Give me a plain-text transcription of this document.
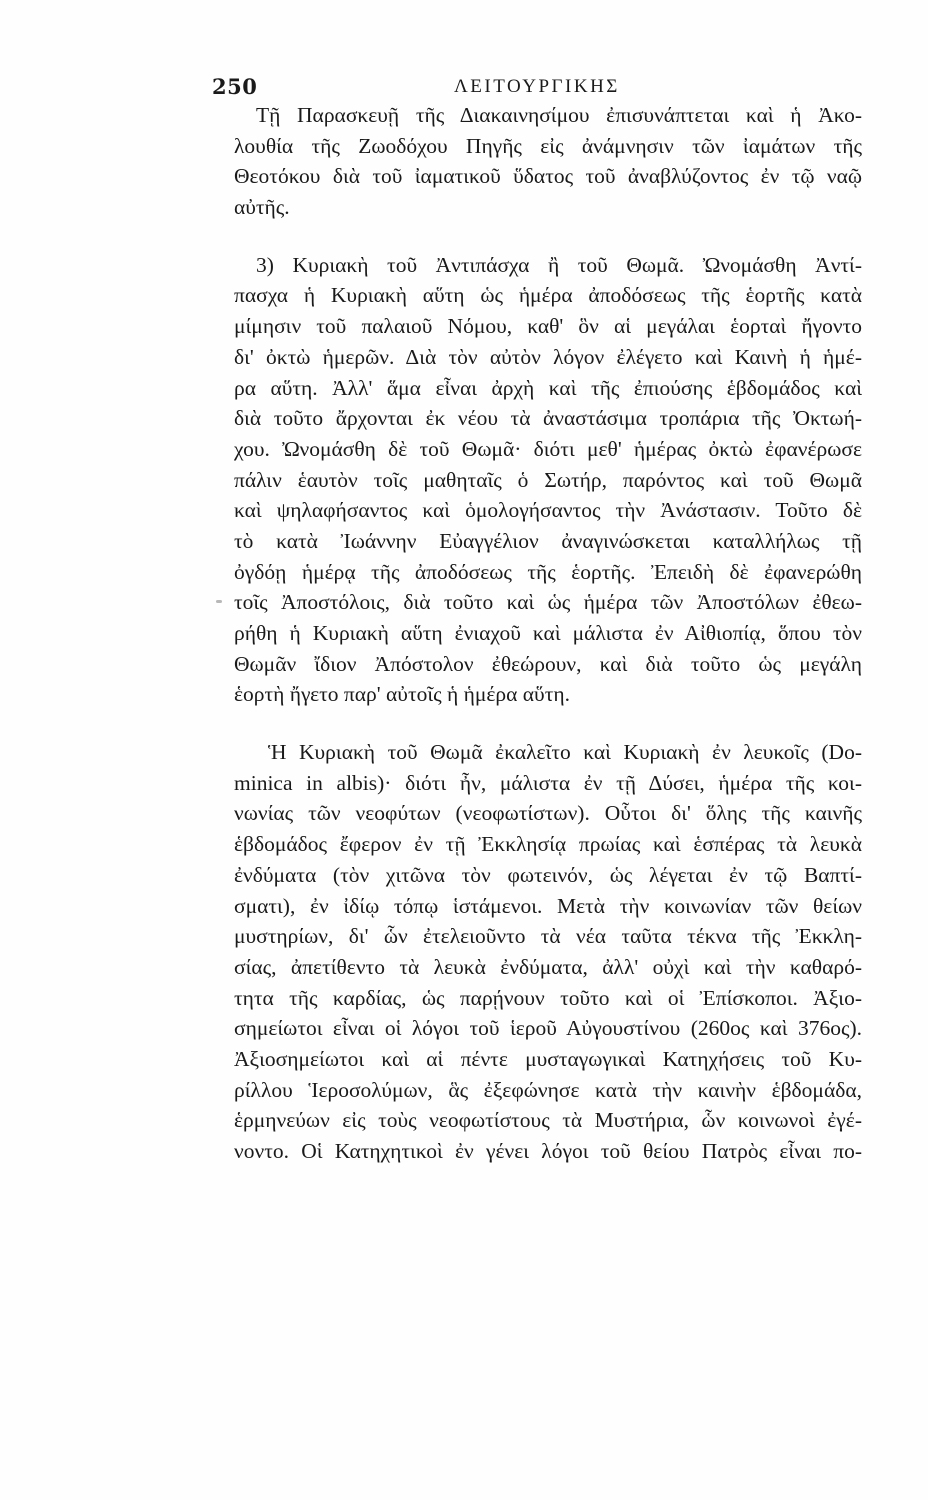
250	ΛΕΙΤΟΥΡΓΙΚΗΣ
Τῇ Παρασκευῇ τῆς Διακαινησίμου ἐπισυνάπτεται καὶ ἡ Ἀκο-
λουθία τῆς Ζωοδόχου Πηγῆς εἰς ἀνάμνησιν τῶν ἰαμάτων τῆς
Θεοτόκου διὰ τοῦ ἰαματικοῦ ὕδατος τοῦ ἀναβλύζοντος ἐν τῷ ναῷ
αὐτῆς.
3) Κυριακὴ τοῦ Ἀντιπάσχα ἢ τοῦ Θωμᾶ. Ὠνομάσθη Ἀντί-
πασχα ἡ Κυριακὴ αὕτη ὡς ἡμέρα ἀποδόσεως τῆς ἑορτῆς κατὰ
μίμησιν τοῦ παλαιοῦ Νόμου, καθ' ὃν αἱ μεγάλαι ἑορταὶ ἤγοντο
δι' ὀκτὼ ἡμερῶν. Διὰ τὸν αὐτὸν λόγον ἐλέγετο καὶ Καινὴ ἡ ἡμέ-
ρα αὕτη. Ἀλλ' ἅμα εἶναι ἀρχὴ καὶ τῆς ἐπιούσης ἑβδομάδος καὶ
διὰ τοῦτο ἄρχονται ἐκ νέου τὰ ἀναστάσιμα τροπάρια τῆς Ὀκτωή-
χου. Ὠνομάσθη δὲ τοῦ Θωμᾶ· διότι μεθ' ἡμέρας ὀκτὼ ἐφανέρωσε
πάλιν ἑαυτὸν τοῖς μαθηταῖς ὁ Σωτήρ, παρόντος καὶ τοῦ Θωμᾶ
καὶ ψηλαφήσαντος καὶ ὁμολογήσαντος τὴν Ἀνάστασιν. Τοῦτο δὲ
τὸ κατὰ Ἰωάννην Εὐαγγέλιον ἀναγινώσκεται καταλλήλως τῇ
ὀγδόῃ ἡμέρᾳ τῆς ἀποδόσεως τῆς ἑορτῆς. Ἐπειδὴ δὲ ἐφανερώθη
τοῖς Ἀποστόλοις, διὰ τοῦτο καὶ ὡς ἡμέρα τῶν Ἀποστόλων ἐθεω-
ρήθη ἡ Κυριακὴ αὕτη ἐνιαχοῦ καὶ μάλιστα ἐν Αἰθιοπίᾳ, ὅπου τὸν
Θωμᾶν ἴδιον Ἀπόστολον ἐθεώρουν, καὶ διὰ τοῦτο ὡς μεγάλη
ἑορτὴ ἤγετο παρ' αὐτοῖς ἡ ἡμέρα αὕτη.
Ἡ Κυριακὴ τοῦ Θωμᾶ ἐκαλεῖτο καὶ Κυριακὴ ἐν λευκοῖς (Do-
minica in albis)· διότι ἦν, μάλιστα ἐν τῇ Δύσει, ἡμέρα τῆς κοι-
νωνίας τῶν νεοφύτων (νεοφωτίστων). Οὗτοι δι' ὅλης τῆς καινῆς
ἑβδομάδος ἔφερον ἐν τῇ Ἐκκλησίᾳ πρωίας καὶ ἑσπέρας τὰ λευκὰ
ἐνδύματα (τὸν χιτῶνα τὸν φωτεινόν, ὡς λέγεται ἐν τῷ Βαπτί-
σματι), ἐν ἰδίῳ τόπῳ ἱστάμενοι. Μετὰ τὴν κοινωνίαν τῶν θείων
μυστηρίων, δι' ὧν ἐτελειοῦντο τὰ νέα ταῦτα τέκνα τῆς Ἐκκλη-
σίας, ἀπετίθεντο τὰ λευκὰ ἐνδύματα, ἀλλ' οὐχὶ καὶ τὴν καθαρό-
τητα τῆς καρδίας, ὡς παρῄνουν τοῦτο καὶ οἱ Ἐπίσκοποι. Ἀξιο-
σημείωτοι εἶναι οἱ λόγοι τοῦ ἱεροῦ Αὐγουστίνου (260ος καὶ 376ος).
Ἀξιοσημείωτοι καὶ αἱ πέντε μυσταγωγικαὶ Κατηχήσεις τοῦ Κυ-
ρίλλου Ἱεροσολύμων, ἃς ἐξεφώνησε κατὰ τὴν καινὴν ἑβδομάδα,
ἑρμηνεύων εἰς τοὺς νεοφωτίστους τὰ Μυστήρια, ὧν κοινωνοὶ ἐγέ-
νοντο. Οἱ Κατηχητικοὶ ἐν γένει λόγοι τοῦ θείου Πατρὸς εἶναι πο-
